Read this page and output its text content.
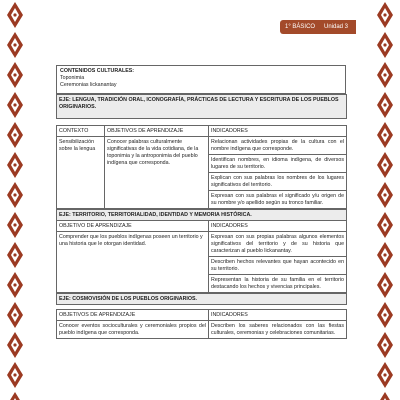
1° BÁSICO Unidad 3
CONTENIDOS CULTURALES:
Toponimia
Ceremonias lickanantay
EJE: LENGUA, TRADICIÓN ORAL, ICONOGRAFÍA, PRÁCTICAS DE LECTURA Y ESCRITURA DE LOS PUEBLOS ORIGINARIOS.		

CONTEXTO	OBJETIVOS DE APRENDIZAJE	INDICADORES
Sensibilización sobre la lengua	Conocer palabras culturalmente significativas de la vida cotidiana, de la toponimia y la antroponimia del pueblo indígena que corresponda.	Relacionan actividades propias de la cultura con el nombre indígena que corresponde.
Identifican nombres, en idioma indígena, de diversos lugares de su territorio.
Explican con sus palabras los nombres de los lugares significativos del territorio.
Expresan con sus palabras el significado y/u origen de su nombre y/o apellido según su tronco familiar.
EJE: TERRITORIO, TERRITORIALIDAD, IDENTIDAD Y MEMORIA HISTÓRICA.	
OBJETIVO DE APRENDIZAJE	INDICADORES
Comprender que los pueblos indígenas poseen un territorio y una historia que le otorgan identidad.	Expresan con sus propias palabras algunos elementos significativos del territorio y de su historia que caracterizan al pueblo lickanantay.
Describen hechos relevantes que hayan acontecido en su territorio.
Representan la historia de su familia en el territorio destacando los hechos y vivencias principales.
EJE: COSMOVISIÓN DE LOS PUEBLOS ORIGINARIOS.	

OBJETIVOS DE APRENDIZAJE	INDICADORES
Conocer eventos socioculturales y ceremoniales propios del pueblo indígena que corresponda.	Describen los saberes relacionados con las fiestas culturales, ceremonias y celebraciones comunitarias.
